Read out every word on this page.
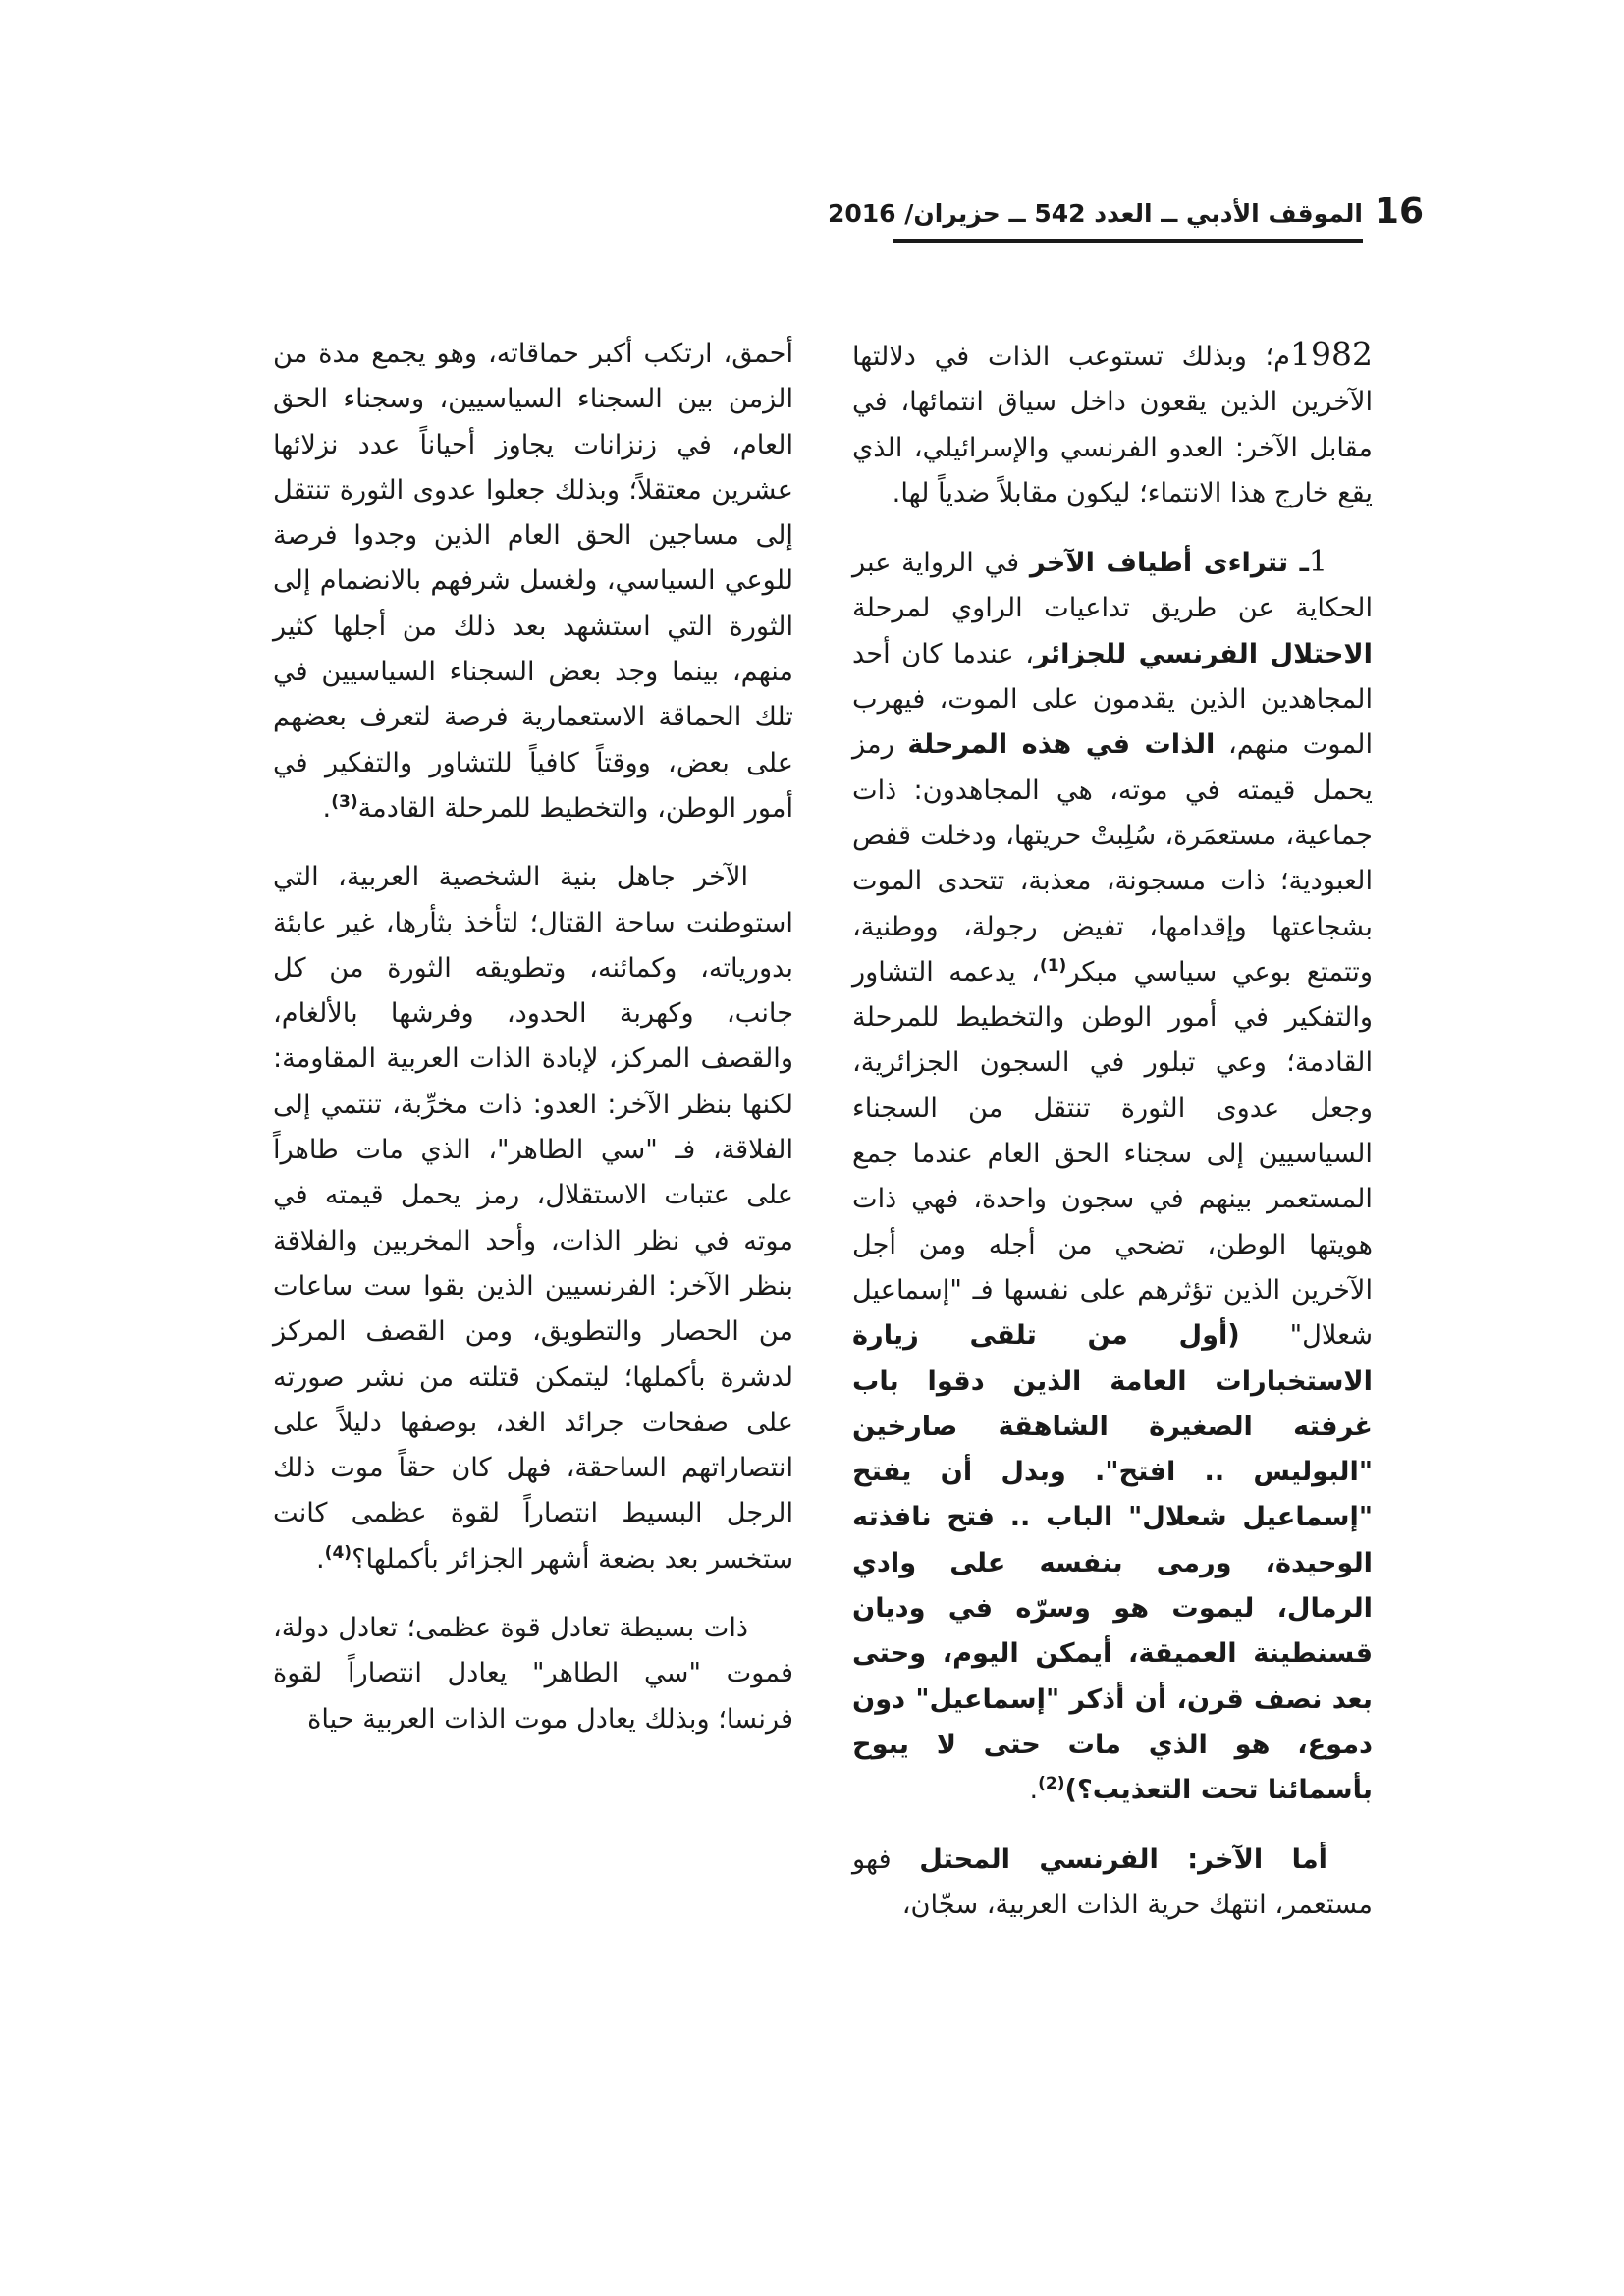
16
الموقف الأدبي ــ العدد 542 ــ حزيران/ 2016

1982م؛ وبذلك تستوعب الذات في دلالتها الآخرين الذين يقعون داخل سياق انتمائها، في مقابل الآخر: العدو الفرنسي والإسرائيلي، الذي يقع خارج هذا الانتماء؛ ليكون مقابلاً ضدياً لها.

1ـ تتراءى أطياف الآخر في الرواية عبر الحكاية عن طريق تداعيات الراوي لمرحلة الاحتلال الفرنسي للجزائر، عندما كان أحد المجاهدين الذين يقدمون على الموت، فيهرب الموت منهم، الذات في هذه المرحلة رمز يحمل قيمته في موته، هي المجاهدون: ذات جماعية، مستعمَرة، سُلِبتْ حريتها، ودخلت قفص العبودية؛ ذات مسجونة، معذبة، تتحدى الموت بشجاعتها وإقدامها، تفيض رجولة، ووطنية، وتتمتع بوعي سياسي مبكر$^{(1)}$، يدعمه التشاور والتفكير في أمور الوطن والتخطيط للمرحلة القادمة؛ وعي تبلور في السجون الجزائرية، وجعل عدوى الثورة تنتقل من السجناء السياسيين إلى سجناء الحق العام عندما جمع المستعمر بينهم في سجون واحدة، فهي ذات هويتها الوطن، تضحي من أجله ومن أجل الآخرين الذين تؤثرهم على نفسها فـ "إسماعيل شعلال" (أول من تلقى زيارة الاستخبارات العامة الذين دقوا باب غرفته الصغيرة الشاهقة صارخين "البوليس .. افتح". وبدل أن يفتح "إسماعيل شعلال" الباب .. فتح نافذته الوحيدة، ورمى بنفسه على وادي الرمال، ليموت هو وسرّه في وديان قسنطينة العميقة، أيمكن اليوم، وحتى بعد نصف قرن، أن أذكر "إسماعيل" دون دموع، هو الذي مات حتى لا يبوح بأسمائنا تحت التعذيب؟)$^{(2)}$.

أما الآخر: الفرنسي المحتل فهو مستعمر، انتهك حرية الذات العربية، سجّان،

أحمق، ارتكب أكبر حماقاته، وهو يجمع مدة من الزمن بين السجناء السياسيين، وسجناء الحق العام، في زنزانات يجاوز أحياناً عدد نزلائها عشرين معتقلاً؛ وبذلك جعلوا عدوى الثورة تنتقل إلى مساجين الحق العام الذين وجدوا فرصة للوعي السياسي، ولغسل شرفهم بالانضمام إلى الثورة التي استشهد بعد ذلك من أجلها كثير منهم، بينما وجد بعض السجناء السياسيين في تلك الحماقة الاستعمارية فرصة لتعرف بعضهم على بعض، ووقتاً كافياً للتشاور والتفكير في أمور الوطن، والتخطيط للمرحلة القادمة$^{(3)}$.

الآخر جاهل بنية الشخصية العربية، التي استوطنت ساحة القتال؛ لتأخذ بثأرها، غير عابئة بدورياته، وكمائنه، وتطويقه الثورة من كل جانب، وكهربة الحدود، وفرشها بالألغام، والقصف المركز، لإبادة الذات العربية المقاومة: لكنها بنظر الآخر: العدو: ذات مخرِّبة، تنتمي إلى الفلاقة، فـ "سي الطاهر"، الذي مات طاهراً على عتبات الاستقلال، رمز يحمل قيمته في موته في نظر الذات، وأحد المخربين والفلاقة بنظر الآخر: الفرنسيين الذين بقوا ست ساعات من الحصار والتطويق، ومن القصف المركز لدشرة بأكملها؛ ليتمكن قتلته من نشر صورته على صفحات جرائد الغد، بوصفها دليلاً على انتصاراتهم الساحقة، فهل كان حقاً موت ذلك الرجل البسيط انتصاراً لقوة عظمى كانت ستخسر بعد بضعة أشهر الجزائر بأكملها؟$^{(4)}$.

ذات بسيطة تعادل قوة عظمى؛ تعادل دولة، فموت "سي الطاهر" يعادل انتصاراً لقوة فرنسا؛ وبذلك يعادل موت الذات العربية حياة
